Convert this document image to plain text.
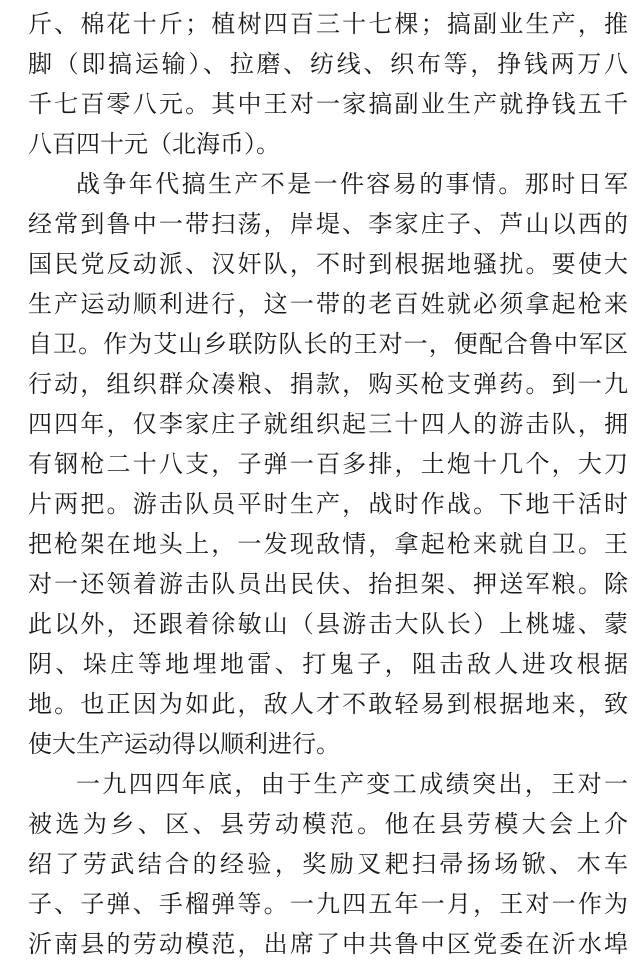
斤、棉花十斤；植树四百三十七棵；搞副业生产，推
脚（即搞运输）、拉磨、纺线、织布等，挣钱两万八
千七百零八元。其中王对一家搞副业生产就挣钱五千
八百四十元（北海币）。
战争年代搞生产不是一件容易的事情。那时日军
经常到鲁中一带扫荡，岸堤、李家庄子、芦山以西的
国民党反动派、汉奸队，不时到根据地骚扰。要使大
生产运动顺利进行，这一带的老百姓就必须拿起枪来
自卫。作为艾山乡联防队长的王对一，便配合鲁中军区
行动，组织群众凑粮、捐款，购买枪支弹药。到一九
四四年，仅李家庄子就组织起三十四人的游击队，拥
有钢枪二十八支，子弹一百多排，土炮十几个，大刀
片两把。游击队员平时生产，战时作战。下地干活时
把枪架在地头上，一发现敌情，拿起枪来就自卫。王
对一还领着游击队员出民伕、抬担架、押送军粮。除
此以外，还跟着徐敏山（县游击大队长）上桃墟、蒙
阴、垛庄等地埋地雷、打鬼子，阻击敌人进攻根据
地。也正因为如此，敌人才不敢轻易到根据地来，致
使大生产运动得以顺利进行。
一九四四年底，由于生产变工成绩突出，王对一
被选为乡、区、县劳动模范。他在县劳模大会上介
绍了劳武结合的经验，奖励叉耙扫帚扬场锨、木车
子、子弹、手榴弹等。一九四五年一月，王对一作为
沂南县的劳动模范，出席了中共鲁中区党委在沂水埠
